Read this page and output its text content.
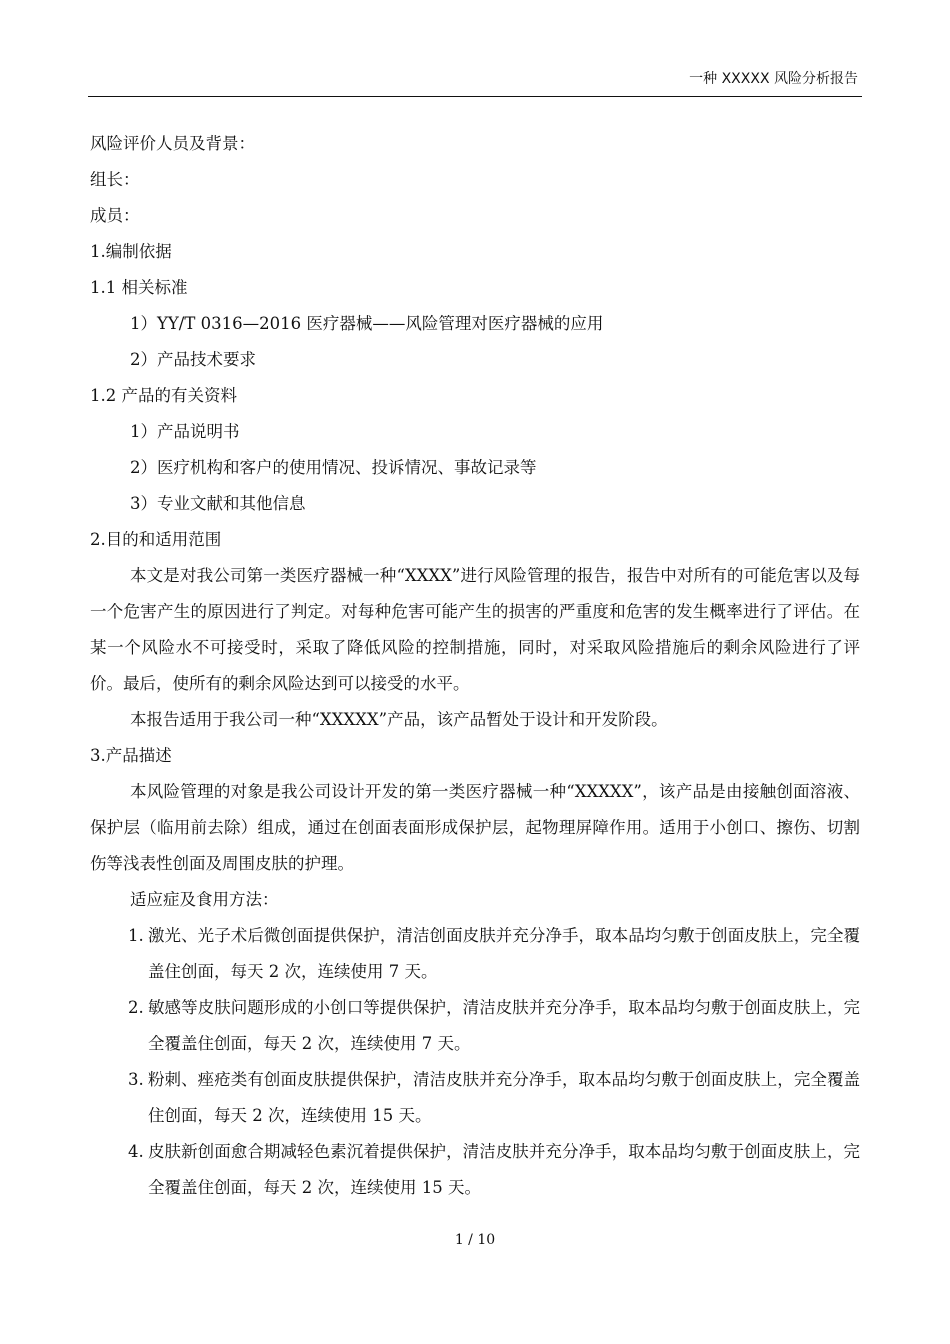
一种 XXXXX 风险分析报告

风险评价人员及背景：

组长：

成员：

1.编制依据

1.1 相关标准

1）YY/T 0316—2016 医疗器械——风险管理对医疗器械的应用

2）产品技术要求

1.2 产品的有关资料

1）产品说明书

2）医疗机构和客户的使用情况、投诉情况、事故记录等

3）专业文献和其他信息

2.目的和适用范围

本文是对我公司第一类医疗器械一种“XXXX”进行风险管理的报告，报告中对所有的可能危害以及每一个危害产生的原因进行了判定。对每种危害可能产生的损害的严重度和危害的发生概率进行了评估。在某一个风险水不可接受时，采取了降低风险的控制措施，同时，对采取风险措施后的剩余风险进行了评价。最后，使所有的剩余风险达到可以接受的水平。

本报告适用于我公司一种“XXXXX”产品，该产品暂处于设计和开发阶段。

3.产品描述

本风险管理的对象是我公司设计开发的第一类医疗器械一种“XXXXX”，该产品是由接触创面溶液、保护层（临用前去除）组成，通过在创面表面形成保护层，起物理屏障作用。适用于小创口、擦伤、切割伤等浅表性创面及周围皮肤的护理。

适应症及食用方法：

1. 激光、光子术后微创面提供保护，清洁创面皮肤并充分净手，取本品均匀敷于创面皮肤上，完全覆盖住创面，每天 2 次，连续使用 7 天。
2. 敏感等皮肤问题形成的小创口等提供保护，清洁皮肤并充分净手，取本品均匀敷于创面皮肤上，完全覆盖住创面，每天 2 次，连续使用 7 天。
3. 粉刺、痤疮类有创面皮肤提供保护，清洁皮肤并充分净手，取本品均匀敷于创面皮肤上，完全覆盖住创面，每天 2 次，连续使用 15 天。
4. 皮肤新创面愈合期减轻色素沉着提供保护，清洁皮肤并充分净手，取本品均匀敷于创面皮肤上，完全覆盖住创面，每天 2 次，连续使用 15 天。
1 / 10
